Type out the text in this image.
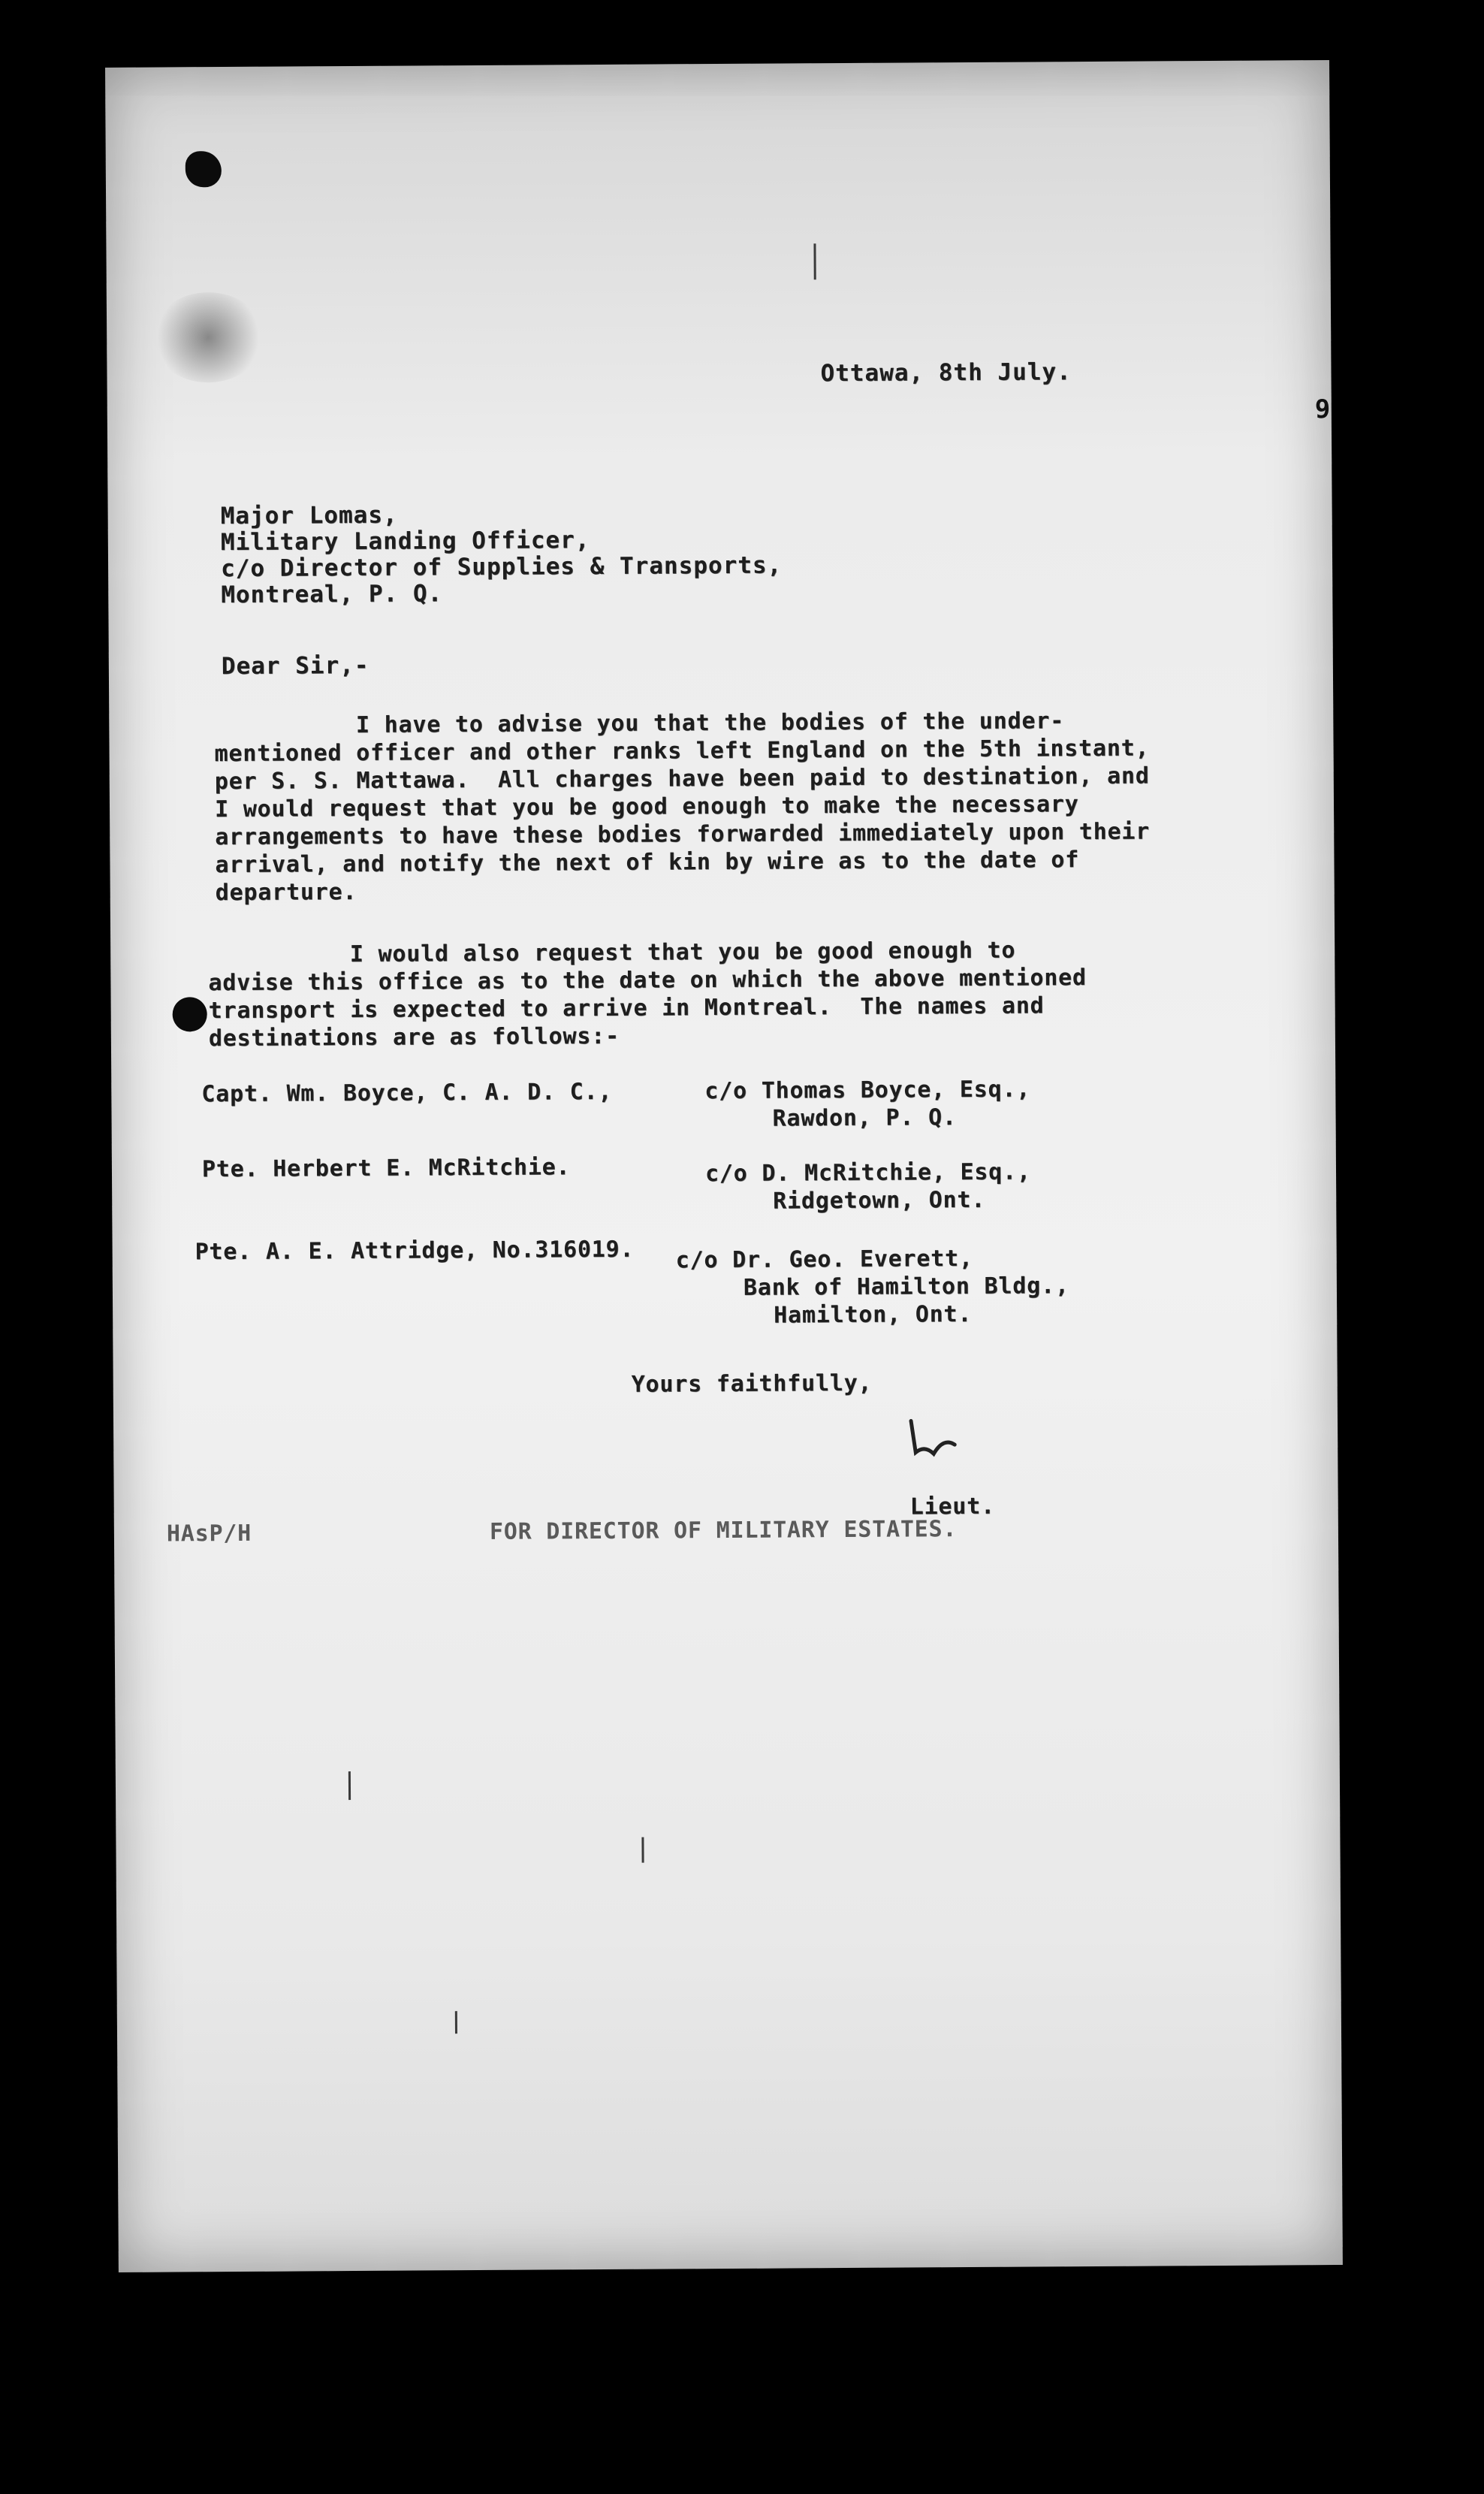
Ottawa, 8th July.
9
Major Lomas,
Military Landing Officer,
c/o Director of Supplies & Transports,
Montreal, P. Q.
Dear Sir,-
I have to advise you that the bodies of the under-
mentioned officer and other ranks left England on the 5th instant,
per S. S. Mattawa.  All charges have been paid to destination, and
I would request that you be good enough to make the necessary
arrangements to have these bodies forwarded immediately upon their
arrival, and notify the next of kin by wire as to the date of
departure.
I would also request that you be good enough to
advise this office as to the date on which the above mentioned
transport is expected to arrive in Montreal.  The names and
destinations are as follows:-
Capt. Wm. Boyce, C. A. D. C.,	c/o Thomas Boyce, Esq.,
Rawdon, P. Q.
Pte. Herbert E. McRitchie.	c/o D. McRitchie, Esq.,
Ridgetown, Ont.
Pte. A. E. Attridge, No.316019. c/o Dr. Geo. Everett,
Bank of Hamilton Bldg.,
Hamilton, Ont.
Yours faithfully,
Lieut.
HAsP/H	FOR DIRECTOR OF MILITARY ESTATES.
